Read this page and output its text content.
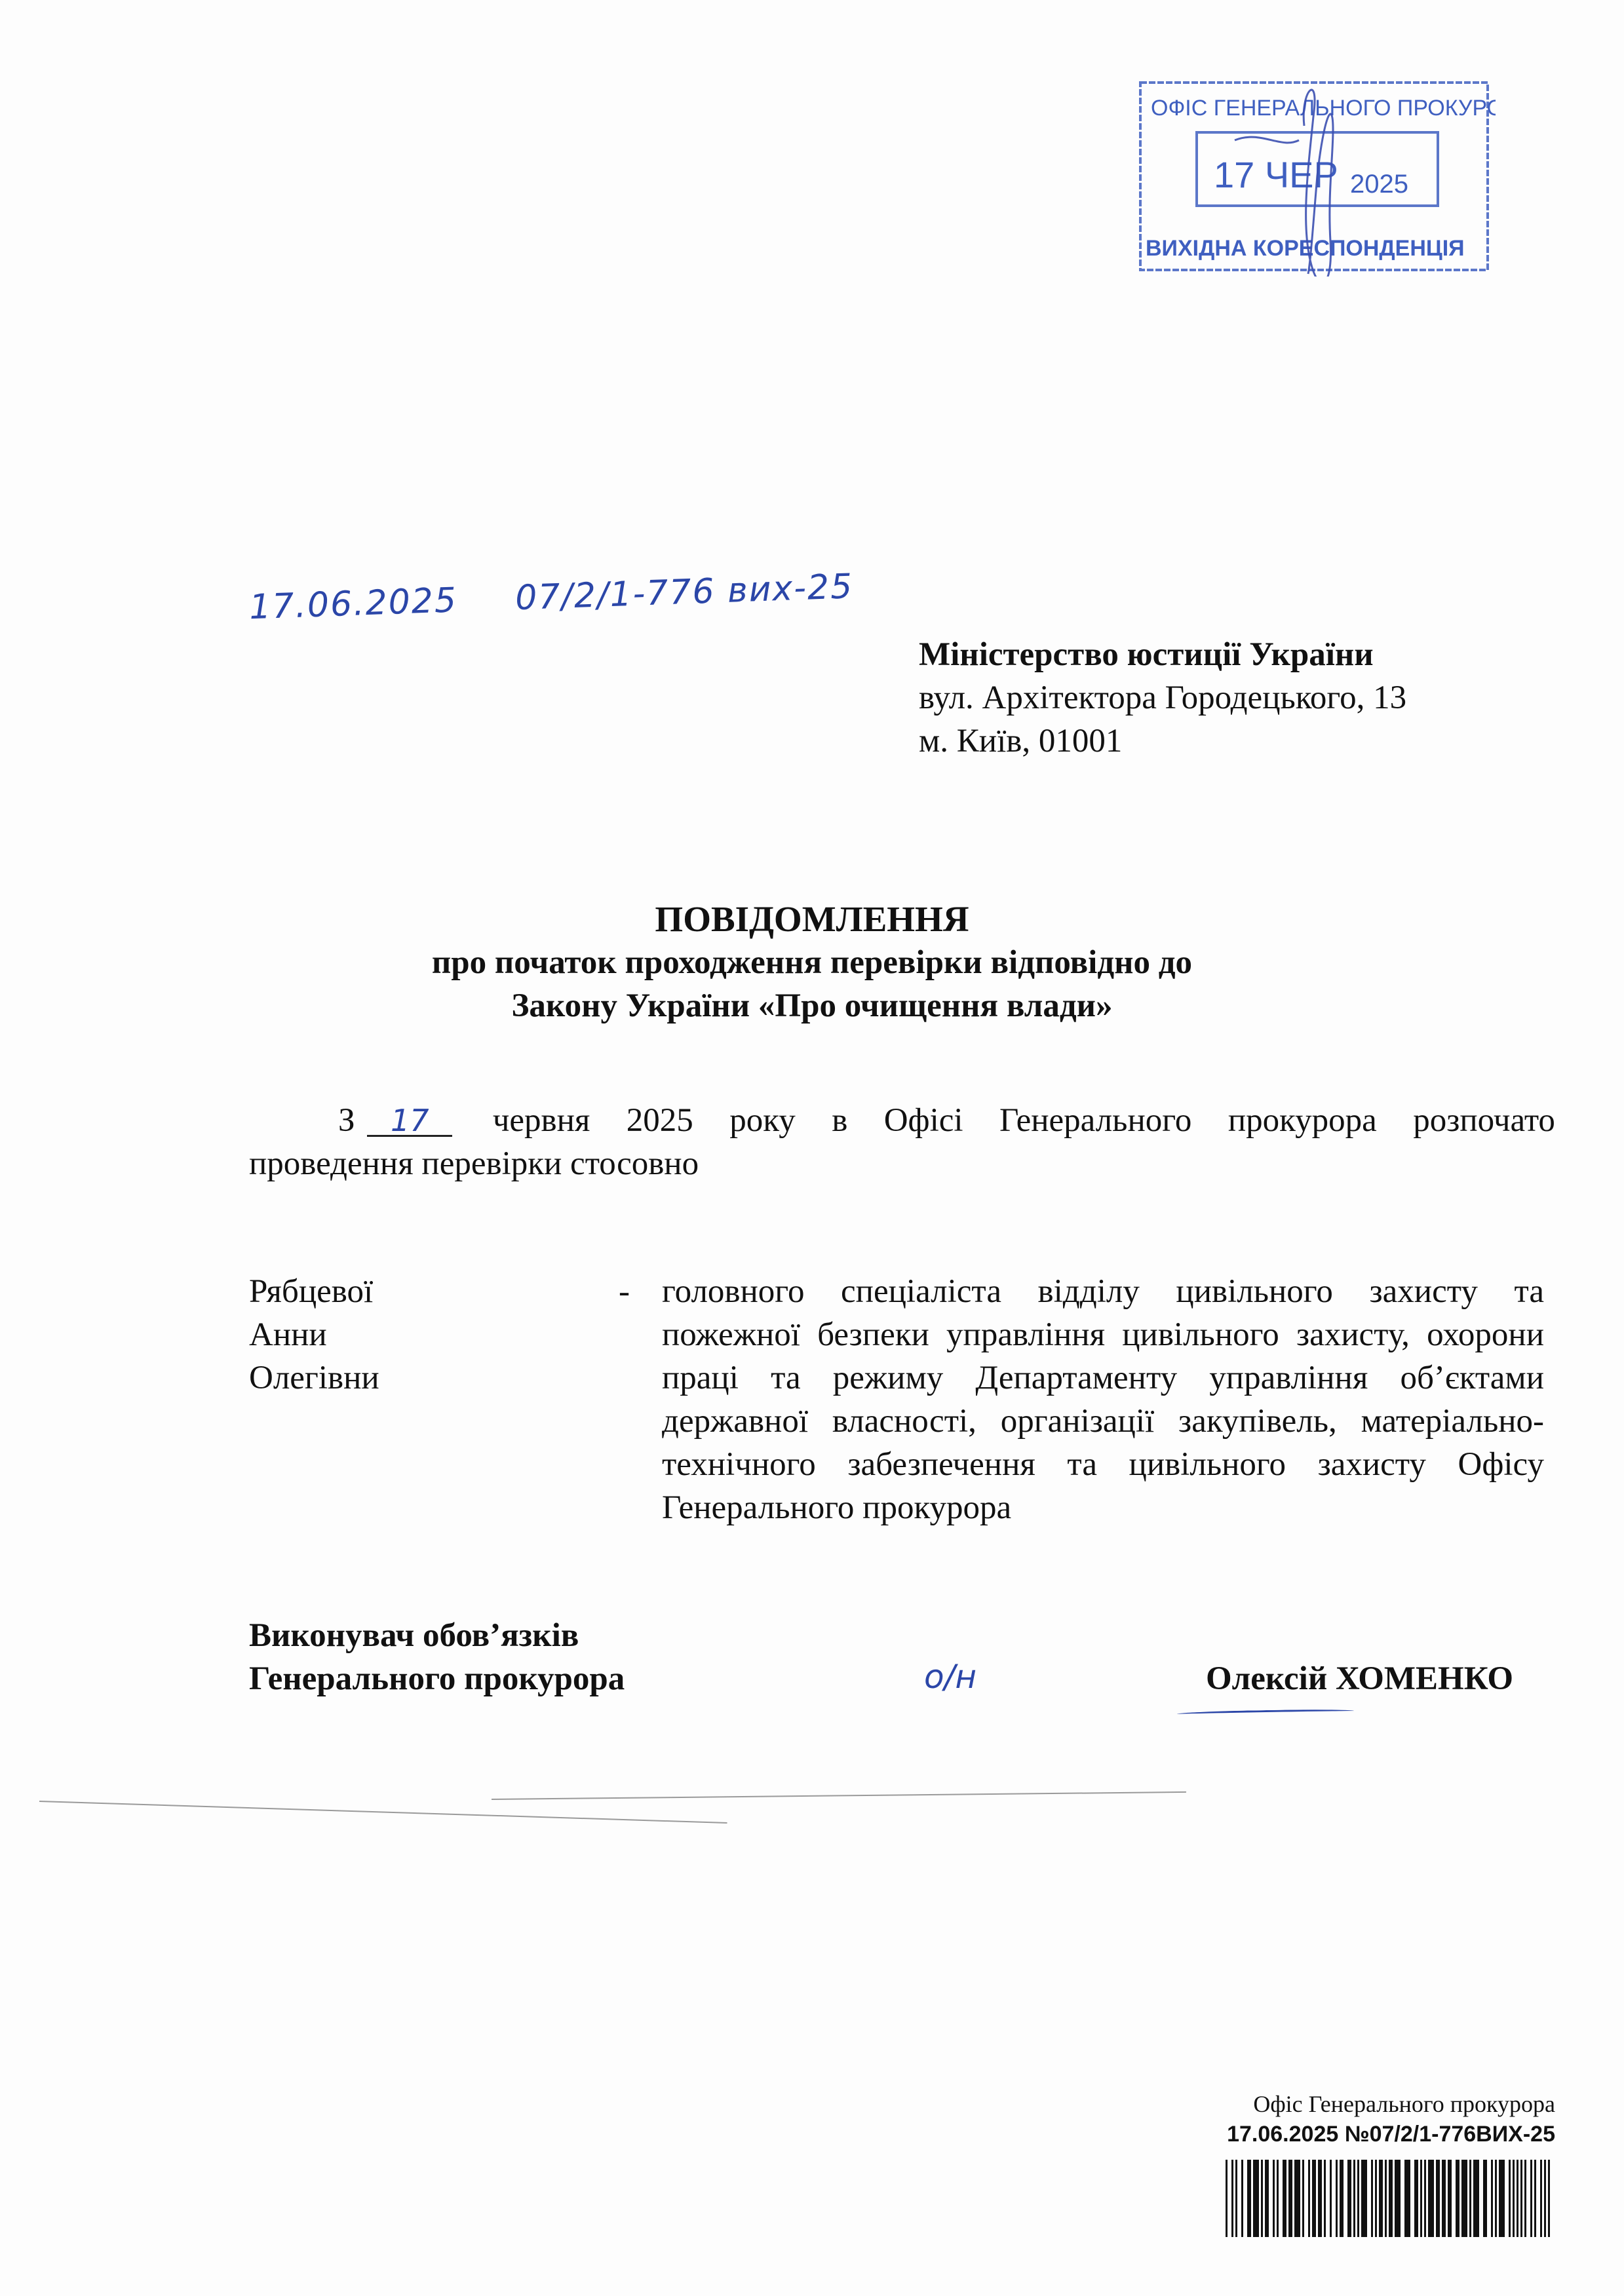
ОФІС ГЕНЕРАЛЬНОГО ПРОКУРОРА
17 ЧЕР 2025
ВИХІДНА КОРЕСПОНДЕНЦІЯ
17.06.2025 07/2/1-776 вих-25
Міністерство юстиції України
вул. Архітектора Городецького, 13
м. Київ, 01001
ПОВІДОМЛЕННЯ
про початок проходження перевірки відповідно до
Закону України «Про очищення влади»
З 17	червня 2025 року в Офісі Генерального прокурора розпочато
проведення перевірки стосовно
Рябцевої
Анни
Олегівни
- головного спеціаліста відділу цивільного захисту та пожежної безпеки управління цивільного захисту, охорони праці та режиму Департаменту управління об’єктами державної власності, організації закупівель, матеріально-технічного забезпечення та цивільного захисту Офісу Генерального прокурора
Виконувач обов’язків
Генерального прокурора	о/н	Олексій ХОМЕНКО
Офіс Генерального прокурора
17.06.2025 №07/2/1-776ВИХ-25
